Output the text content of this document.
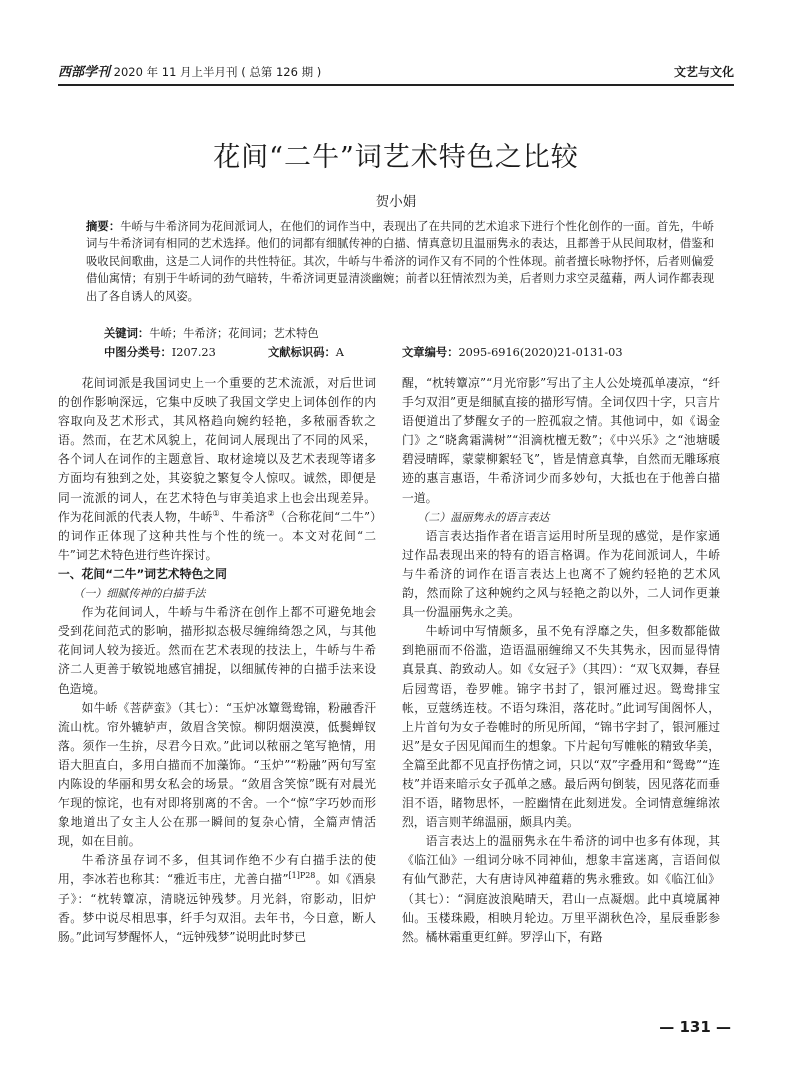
西部学刊 2020 年 11 月上半月刊 ( 总第 126 期 )	文艺与文化
花间“二牛”词艺术特色之比较
贺小娟
摘要：牛峤与牛希济同为花间派词人，在他们的词作当中，表现出了在共同的艺术追求下进行个性化创作的一面。首先，牛峤词与牛希济词有相同的艺术选择。他们的词都有细腻传神的白描、情真意切且温丽隽永的表达，且都善于从民间取材，借鉴和吸收民间歌曲，这是二人词作的共性特征。其次，牛峤与牛希济的词作又有不同的个性体现。前者擅长咏物抒怀，后者则偏爱借仙寓情；有别于牛峤词的劲气暗转，牛希济词更显清淡幽婉；前者以狂情浓烈为美，后者则力求空灵蕴藉，两人词作都表现出了各自诱人的风姿。
关键词：牛峤；牛希济；花间词；艺术特色
中图分类号：I207.23	文献标识码：A	文章编号：2095-6916(2020)21-0131-03

花间词派是我国词史上一个重要的艺术流派，对后世词的创作影响深远，它集中反映了我国文学史上词体创作的内容取向及艺术形式，其风格趋向婉约轻艳，多秾丽香软之语。然而，在艺术风貌上，花间词人展现出了不同的风采，各个词人在词作的主题意旨、取材途境以及艺术表现等诸多方面均有独到之处，其姿貌之繁复令人惊叹。诚然，即便是同一流派的词人，在艺术特色与审美追求上也会出现差异。作为花间派的代表人物，牛峤①、牛希济②（合称花间“二牛”）的词作正体现了这种共性与个性的统一。本文对花间“二牛”词艺术特色进行些许探讨。

一、花间“二牛”词艺术特色之同

（一）细腻传神的白描手法

作为花间词人，牛峤与牛希济在创作上都不可避免地会受到花间范式的影响，描形拟态极尽缠绵绮怨之风，与其他花间词人较为接近。然而在艺术表现的技法上，牛峤与牛希济二人更善于敏锐地感官捕捉，以细腻传神的白描手法来设色造境。

如牛峤《菩萨蛮》（其七）：“玉炉冰簟鸳鸯锦，粉融香汗流山枕。帘外辘轳声，敛眉含笑惊。柳阴烟漠漠，低鬓蝉钗落。须作一生拚，尽君今日欢。”此词以秾丽之笔写艳情，用语大胆直白，多用白描而不加藻饰。“玉炉”“粉融”两句写室内陈设的华丽和男女私会的场景。“敛眉含笑惊”既有对晨光乍现的惊诧，也有对即将别离的不舍。一个“惊”字巧妙而形象地道出了女主人公在那一瞬间的复杂心情，全篇声情活现，如在目前。

牛希济虽存词不多，但其词作绝不少有白描手法的使用，李冰若也称其：“雅近韦庄，尤善白描”$^{[1]P28}$。如《酒泉子》：“枕转簟凉，清晓远钟残梦。月光斜，帘影动，旧炉香。梦中说尽相思事，纤手匀双泪。去年书，今日意，断人肠。”此词写梦醒怀人，“远钟残梦”说明此时梦已

醒，“枕转簟凉”“月光帘影”写出了主人公处境孤单凄凉，“纤手匀双泪”更是细腻直接的描形写情。全词仅四十字，只言片语便道出了梦醒女子的一腔孤寂之情。其他词中，如《谒金门》之“晓禽霜满树”“泪滴枕檀无数”；《中兴乐》之“池塘暖碧浸晴晖，蒙蒙柳絮轻飞”，皆是情意真挚，自然而无雕琢痕迹的惠言惠语，牛希济词少而多妙句，大抵也在于他善白描一道。

（二）温丽隽永的语言表达

语言表达指作者在语言运用时所呈现的感觉，是作家通过作品表现出来的特有的语言格调。作为花间派词人，牛峤与牛希济的词作在语言表达上也离不了婉约轻艳的艺术风韵，然而除了这种婉约之风与轻艳之韵以外，二人词作更兼具一份温丽隽永之美。

牛峤词中写情颇多，虽不免有浮靡之失，但多数都能做到艳丽而不俗滥，造语温丽缠绵又不失其隽永，因而显得情真景真、韵致动人。如《女冠子》（其四）：“双飞双舞，春昼后园莺语，卷罗帷。锦字书封了，银河雁过迟。鸳鸯排宝帐，豆蔻绣连枝。不语匀珠泪，落花时。”此词写闺阁怀人，上片首句为女子卷帷时的所见所闻，“锦书字封了，银河雁过迟”是女子因见闻而生的想象。下片起句写帷帐的精致华美，全篇至此都不见直抒伤情之词，只以“双”字叠用和“鸳鸯”“连枝”并语来暗示女子孤单之感。最后两句倒装，因见落花而垂泪不语，睹物思怀，一腔幽情在此刻迸发。全词情意缠绵浓烈，语言则芊绵温丽，颇具内美。

语言表达上的温丽隽永在牛希济的词中也多有体现，其《临江仙》一组词分咏不同神仙，想象丰富迷离，言语间似有仙气渺茫，大有唐诗风神蕴藉的隽永雅致。如《临江仙》（其七）：“洞庭波浪飐晴天，君山一点凝烟。此中真境属神仙。玉楼珠殿，相映月轮边。万里平湖秋色冷，星辰垂影参然。橘林霜重更红鲜。罗浮山下，有路

— 131 —
